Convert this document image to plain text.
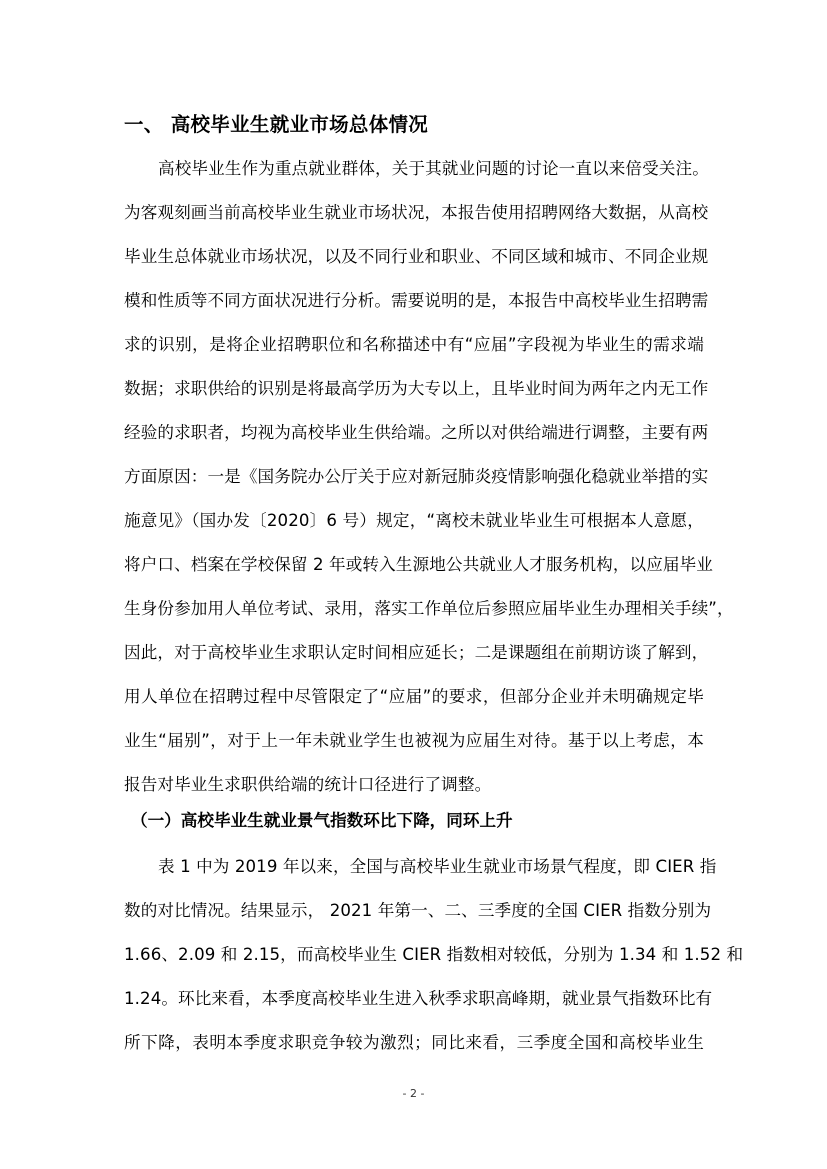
一、 高校毕业生就业市场总体情况
高校毕业生作为重点就业群体，关于其就业问题的讨论一直以来倍受关注。
为客观刻画当前高校毕业生就业市场状况，本报告使用招聘网络大数据，从高校
毕业生总体就业市场状况，以及不同行业和职业、不同区域和城市、不同企业规
模和性质等不同方面状况进行分析。需要说明的是，本报告中高校毕业生招聘需
求的识别，是将企业招聘职位和名称描述中有“应届”字段视为毕业生的需求端
数据；求职供给的识别是将最高学历为大专以上，且毕业时间为两年之内无工作
经验的求职者，均视为高校毕业生供给端。之所以对供给端进行调整，主要有两
方面原因：一是《国务院办公厅关于应对新冠肺炎疫情影响强化稳就业举措的实
施意见》（国办发〔2020〕6 号）规定，“离校未就业毕业生可根据本人意愿，
将户口、档案在学校保留 2 年或转入生源地公共就业人才服务机构，以应届毕业
生身份参加用人单位考试、录用，落实工作单位后参照应届毕业生办理相关手续”，
因此，对于高校毕业生求职认定时间相应延长；二是课题组在前期访谈了解到，
用人单位在招聘过程中尽管限定了“应届”的要求，但部分企业并未明确规定毕
业生“届别”，对于上一年未就业学生也被视为应届生对待。基于以上考虑，本
报告对毕业生求职供给端的统计口径进行了调整。
（一）高校毕业生就业景气指数环比下降，同环上升
表 1 中为 2019 年以来，全国与高校毕业生就业市场景气程度，即 CIER 指
数的对比情况。结果显示， 2021 年第一、二、三季度的全国 CIER 指数分别为
1.66、2.09 和 2.15，而高校毕业生 CIER 指数相对较低，分别为 1.34 和 1.52 和
1.24。环比来看，本季度高校毕业生进入秋季求职高峰期，就业景气指数环比有
所下降，表明本季度求职竞争较为激烈；同比来看，三季度全国和高校毕业生
- 2 -
